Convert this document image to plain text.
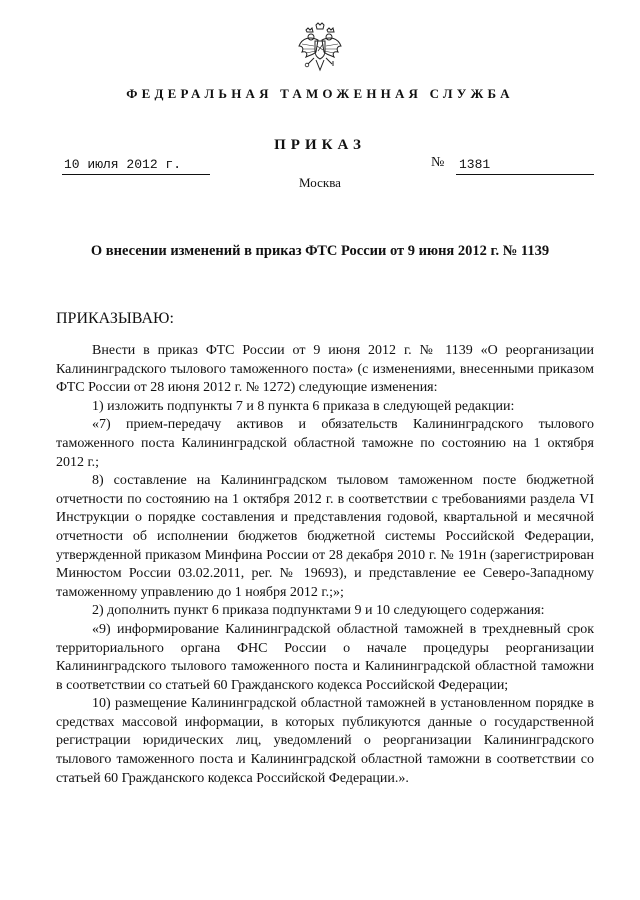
ФЕДЕРАЛЬНАЯ ТАМОЖЕННАЯ СЛУЖБА
ПРИКАЗ
10 июля 2012 г.	№ 1381
Москва
О внесении изменений в приказ ФТС России от 9 июня 2012 г. № 1139
ПРИКАЗЫВАЮ:

Внести в приказ ФТС России от 9 июня 2012 г. № 1139 «О реорганизации Калининградского тылового таможенного поста» (с изменениями, внесенными приказом ФТС России от 28 июня 2012 г. № 1272) следующие изменения:

1) изложить подпункты 7 и 8 пункта 6 приказа в следующей редакции:

«7) прием-передачу активов и обязательств Калининградского тылового таможенного поста Калининградской областной таможне по состоянию на 1 октября 2012 г.;

8) составление на Калининградском тыловом таможенном посте бюджетной отчетности по состоянию на 1 октября 2012 г. в соответствии с требованиями раздела VI Инструкции о порядке составления и представления годовой, квартальной и месячной отчетности об исполнении бюджетов бюджетной системы Российской Федерации, утвержденной приказом Минфина России от 28 декабря 2010 г. № 191н (зарегистрирован Минюстом России 03.02.2011, рег. № 19693), и представление ее Северо-Западному таможенному управлению до 1 ноября 2012 г.;»;

2) дополнить пункт 6 приказа подпунктами 9 и 10 следующего содержания:

«9) информирование Калининградской областной таможней в трехдневный срок территориального органа ФНС России о начале процедуры реорганизации Калининградского тылового таможенного поста и Калининградской областной таможни в соответствии со статьей 60 Гражданского кодекса Российской Федерации;

10) размещение Калининградской областной таможней в установленном порядке в средствах массовой информации, в которых публикуются данные о государственной регистрации юридических лиц, уведомлений о реорганизации Калининградского тылового таможенного поста и Калининградской областной таможни в соответствии со статьей 60 Гражданского кодекса Российской Федерации.».
